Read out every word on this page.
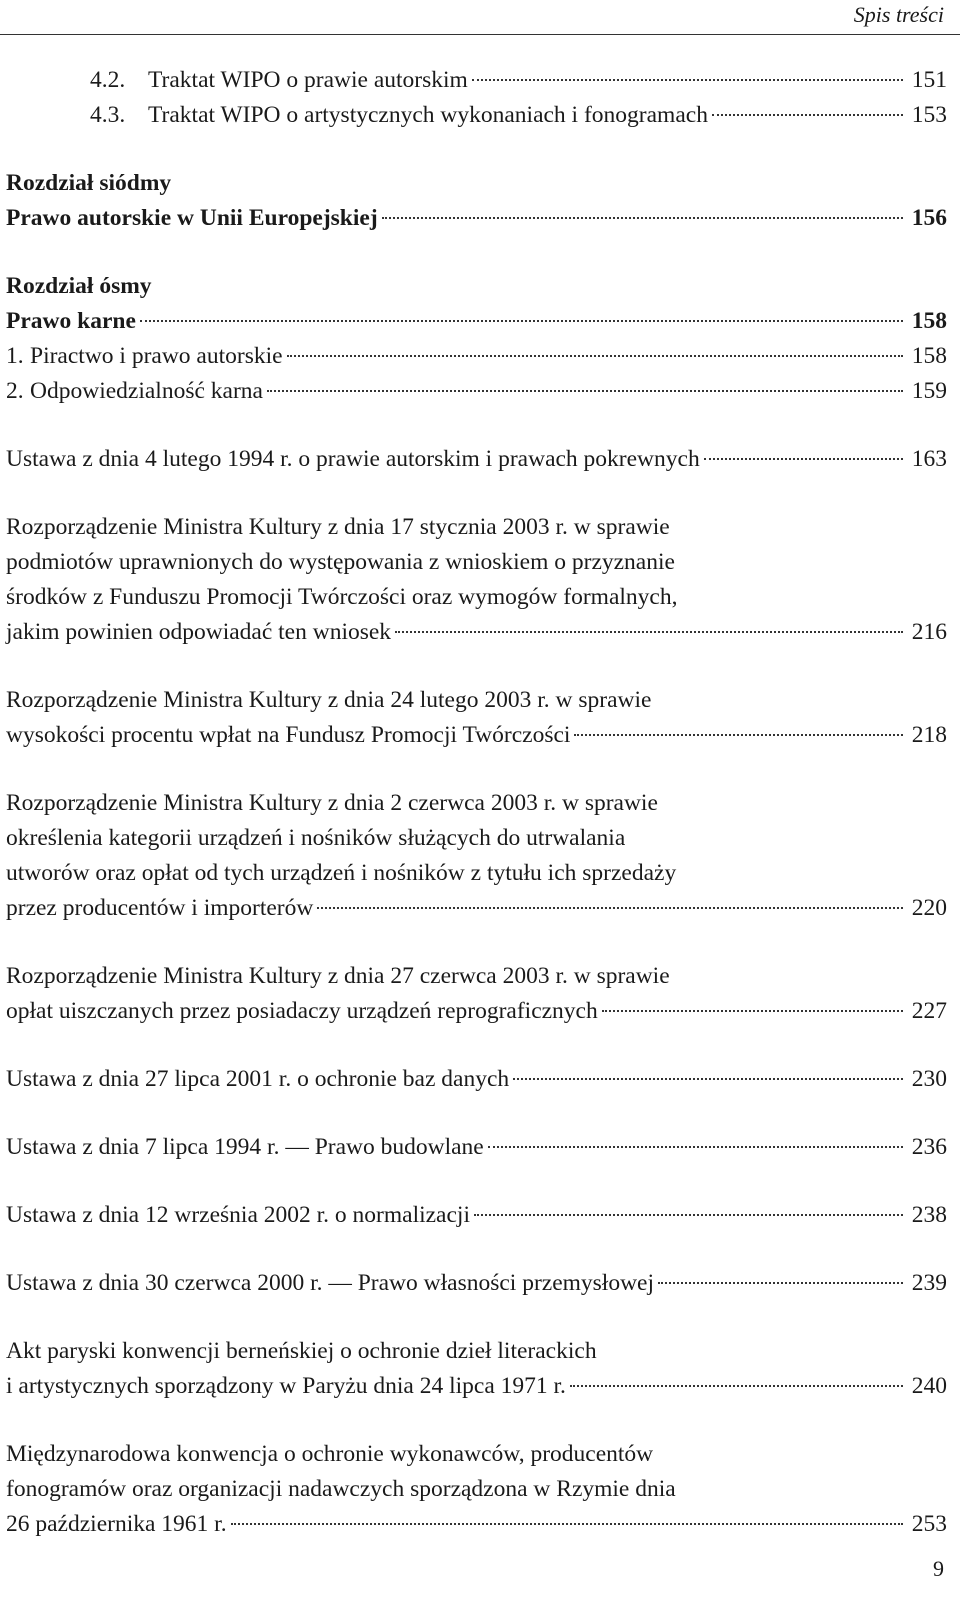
Spis treści
4.2. Traktat WIPO o prawie autorskim	151
4.3. Traktat WIPO o artystycznych wykonaniach i fonogramach	153
Rozdział siódmy
Prawo autorskie w Unii Europejskiej	156
Rozdział ósmy
Prawo karne	158
1. Piractwo i prawo autorskie	158
2. Odpowiedzialność karna	159
Ustawa z dnia 4 lutego 1994 r. o prawie autorskim i prawach pokrewnych	163
Rozporządzenie Ministra Kultury z dnia 17 stycznia 2003 r. w sprawie
podmiotów uprawnionych do występowania z wnioskiem o przyznanie
środków z Funduszu Promocji Twórczości oraz wymogów formalnych,
jakim powinien odpowiadać ten wniosek	216
Rozporządzenie Ministra Kultury z dnia 24 lutego 2003 r. w sprawie
wysokości procentu wpłat na Fundusz Promocji Twórczości	218
Rozporządzenie Ministra Kultury z dnia 2 czerwca 2003 r. w sprawie
określenia kategorii urządzeń i nośników służących do utrwalania
utworów oraz opłat od tych urządzeń i nośników z tytułu ich sprzedaży
przez producentów i importerów	220
Rozporządzenie Ministra Kultury z dnia 27 czerwca 2003 r. w sprawie
opłat uiszczanych przez posiadaczy urządzeń reprograficznych	227
Ustawa z dnia 27 lipca 2001 r. o ochronie baz danych	230
Ustawa z dnia 7 lipca 1994 r. — Prawo budowlane	236
Ustawa z dnia 12 września 2002 r. o normalizacji	238
Ustawa z dnia 30 czerwca 2000 r. — Prawo własności przemysłowej	239
Akt paryski konwencji berneńskiej o ochronie dzieł literackich
i artystycznych sporządzony w Paryżu dnia 24 lipca 1971 r.	240
Międzynarodowa konwencja o ochronie wykonawców, producentów
fonogramów oraz organizacji nadawczych sporządzona w Rzymie dnia
26 października 1961 r.	253
9
